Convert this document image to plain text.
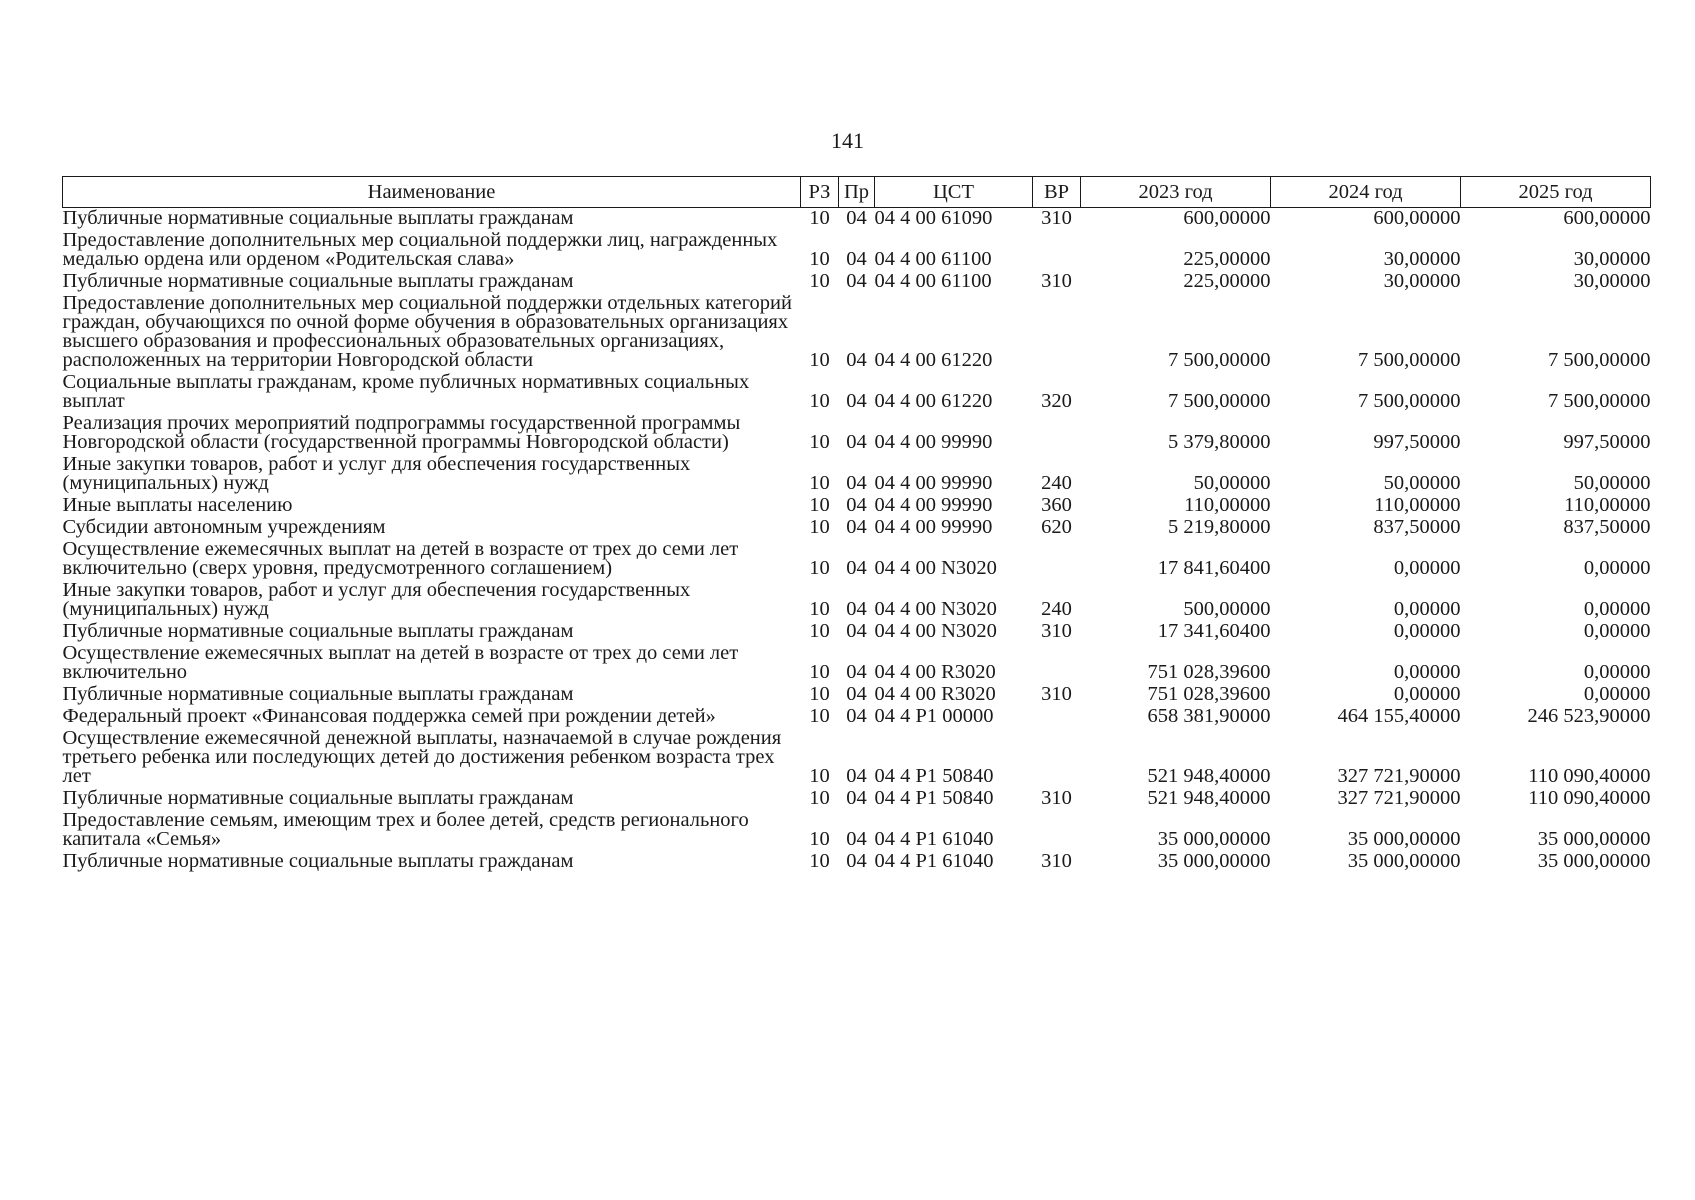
141
Наименование	РЗ	Пр	ЦСТ	ВР	2023 год	2024 год	2025 год
Публичные нормативные социальные выплаты гражданам	10	04	04 4 00 61090	310	600,00000	600,00000	600,00000
Предоставление дополнительных мер социальной поддержки лиц, награжденных медалью ордена или орденом «Родительская слава»	10	04	04 4 00 61100		225,00000	30,00000	30,00000
Публичные нормативные социальные выплаты гражданам	10	04	04 4 00 61100	310	225,00000	30,00000	30,00000
Предоставление дополнительных мер социальной поддержки отдельных категорий граждан, обучающихся по очной форме обучения в образовательных организациях высшего образования и профессиональных образовательных организациях, расположенных на территории Новгородской области	10	04	04 4 00 61220		7 500,00000	7 500,00000	7 500,00000
Социальные выплаты гражданам, кроме публичных нормативных социальных выплат	10	04	04 4 00 61220	320	7 500,00000	7 500,00000	7 500,00000
Реализация прочих мероприятий подпрограммы государственной программы Новгородской области (государственной программы Новгородской области)	10	04	04 4 00 99990		5 379,80000	997,50000	997,50000
Иные закупки товаров, работ и услуг для обеспечения государственных (муниципальных) нужд	10	04	04 4 00 99990	240	50,00000	50,00000	50,00000
Иные выплаты населению	10	04	04 4 00 99990	360	110,00000	110,00000	110,00000
Субсидии автономным учреждениям	10	04	04 4 00 99990	620	5 219,80000	837,50000	837,50000
Осуществление ежемесячных выплат на детей в возрасте от трех до семи лет включительно (сверх уровня, предусмотренного соглашением)	10	04	04 4 00 N3020		17 841,60400	0,00000	0,00000
Иные закупки товаров, работ и услуг для обеспечения государственных (муниципальных) нужд	10	04	04 4 00 N3020	240	500,00000	0,00000	0,00000
Публичные нормативные социальные выплаты гражданам	10	04	04 4 00 N3020	310	17 341,60400	0,00000	0,00000
Осуществление ежемесячных выплат на детей в возрасте от трех до семи лет включительно	10	04	04 4 00 R3020		751 028,39600	0,00000	0,00000
Публичные нормативные социальные выплаты гражданам	10	04	04 4 00 R3020	310	751 028,39600	0,00000	0,00000
Федеральный проект «Финансовая поддержка семей при рождении детей»	10	04	04 4 P1 00000		658 381,90000	464 155,40000	246 523,90000
Осуществление ежемесячной денежной выплаты, назначаемой в случае рождения третьего ребенка или последующих детей до достижения ребенком возраста трех лет	10	04	04 4 P1 50840		521 948,40000	327 721,90000	110 090,40000
Публичные нормативные социальные выплаты гражданам	10	04	04 4 P1 50840	310	521 948,40000	327 721,90000	110 090,40000
Предоставление семьям, имеющим трех и более детей, средств регионального капитала «Семья»	10	04	04 4 P1 61040		35 000,00000	35 000,00000	35 000,00000
Публичные нормативные социальные выплаты гражданам	10	04	04 4 P1 61040	310	35 000,00000	35 000,00000	35 000,00000
